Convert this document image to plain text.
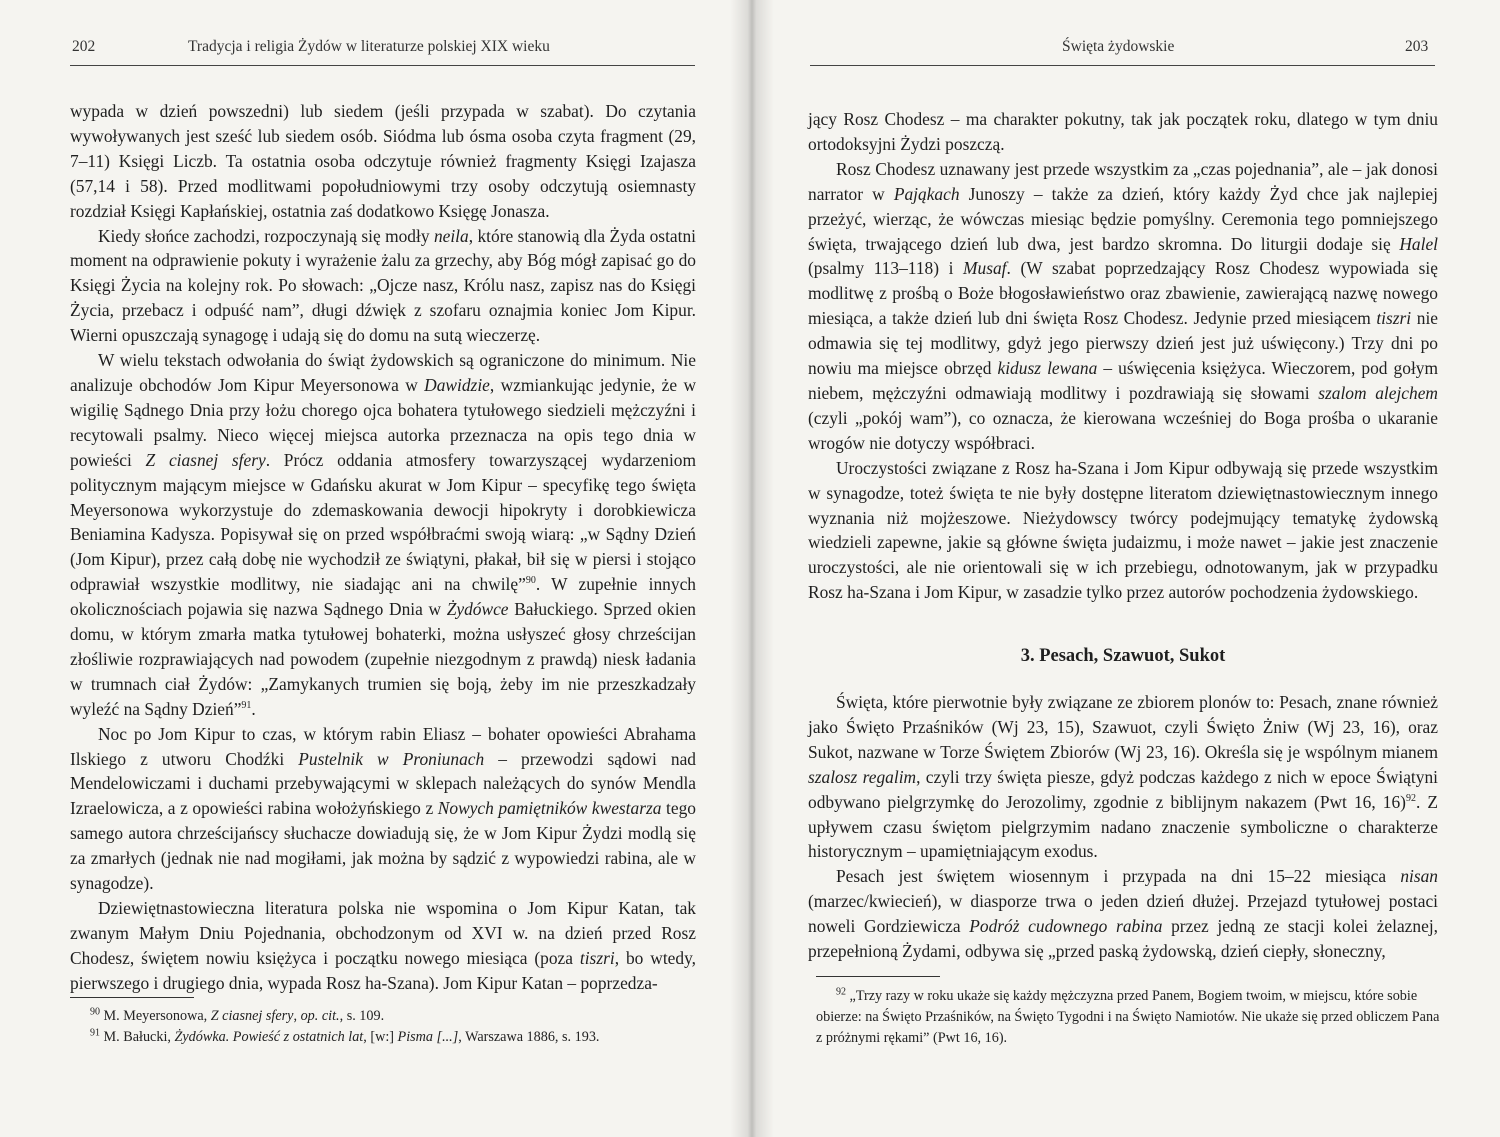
202	Tradycja i religia Żydów w literaturze polskiej XIX wieku

wypada w dzień powszedni) lub siedem (jeśli przypada w szabat). Do czytania wywoływanych jest sześć lub siedem osób. Siódma lub ósma osoba czyta fragment (29, 7–11) Księgi Liczb. Ta ostatnia osoba odczytuje również fragmenty Księgi Izajasza (57,14 i 58). Przed modlitwami popołudniowymi trzy osoby odczytują osiemnasty rozdział Księgi Kapłańskiej, ostatnia zaś dodatkowo Księgę Jonasza.

Kiedy słońce zachodzi, rozpoczynają się modły neila, które stanowią dla Żyda ostatni moment na odprawienie pokuty i wyrażenie żalu za grzechy, aby Bóg mógł zapisać go do Księgi Życia na kolejny rok. Po słowach: „Ojcze nasz, Królu nasz, zapisz nas do Księgi Życia, przebacz i odpuść nam”, długi dźwięk z szofaru oznajmia koniec Jom Kipur. Wierni opuszczają synagogę i udają się do domu na sutą wieczerzę.

W wielu tekstach odwołania do świąt żydowskich są ograniczone do minimum. Nie analizuje obchodów Jom Kipur Meyersonowa w Dawidzie, wzmiankując jedynie, że w wigilię Sądnego Dnia przy łożu chorego ojca bohatera tytułowego siedzieli mężczyźni i recytowali psalmy. Nieco więcej miejsca autorka przeznacza na opis tego dnia w powieści Z ciasnej sfery. Prócz oddania atmosfery towarzyszącej wydarzeniom politycznym mającym miejsce w Gdańsku akurat w Jom Kipur – specyfikę tego święta Meyersonowa wykorzystuje do zdemaskowania dewocji hipokryty i dorobkiewicza Beniamina Kadysza. Popisywał się on przed współbraćmi swoją wiarą: „w Sądny Dzień (Jom Kipur), przez całą dobę nie wychodził ze świątyni, płakał, bił się w piersi i stojąco odprawiał wszystkie modlitwy, nie siadając ani na chwilę”$^{90}$. W zupełnie innych okolicznościach pojawia się nazwa Sądnego Dnia w Żydówce Bałuckiego. Sprzed okien domu, w którym zmarła matka tytułowej bohaterki, można usłyszeć głosy chrześcijan złośliwie rozprawiających nad powodem (zupełnie niezgodnym z prawdą) niesk ładania w trumnach ciał Żydów: „Zamykanych trumien się boją, żeby im nie przeszkadzały wyleźć na Sądny Dzień”$^{91}$.

Noc po Jom Kipur to czas, w którym rabin Eliasz – bohater opowieści Abrahama Ilskiego z utworu Chodźki Pustelnik w Proniunach – przewodzi sądowi nad Mendelowiczami i duchami przebywającymi w sklepach należących do synów Mendla Izraelowicza, a z opowieści rabina wołożyńskiego z Nowych pamiętników kwestarza tego samego autora chrześcijańscy słuchacze dowiadują się, że w Jom Kipur Żydzi modlą się za zmarłych (jednak nie nad mogiłami, jak można by sądzić z wypowiedzi rabina, ale w synagodze).

Dziewiętnastowieczna literatura polska nie wspomina o Jom Kipur Katan, tak zwanym Małym Dniu Pojednania, obchodzonym od XVI w. na dzień przed Rosz Chodesz, świętem nowiu księżyca i początku nowego miesiąca (poza tiszri, bo wtedy, pierwszego i drugiego dnia, wypada Rosz ha-Szana). Jom Kipur Katan – poprzedza-

$^{90}$ M. Meyersonowa, Z ciasnej sfery, op. cit., s. 109.

$^{91}$ M. Bałucki, Żydówka. Powieść z ostatnich lat, [w:] Pisma [...], Warszawa 1886, s. 193.

Święta żydowskie	203

jący Rosz Chodesz – ma charakter pokutny, tak jak początek roku, dlatego w tym dniu ortodoksyjni Żydzi poszczą.

Rosz Chodesz uznawany jest przede wszystkim za „czas pojednania”, ale – jak donosi narrator w Pająkach Junoszy – także za dzień, który każdy Żyd chce jak najlepiej przeżyć, wierząc, że wówczas miesiąc będzie pomyślny. Ceremonia tego pomniejszego święta, trwającego dzień lub dwa, jest bardzo skromna. Do liturgii dodaje się Halel (psalmy 113–118) i Musaf. (W szabat poprzedzający Rosz Chodesz wypowiada się modlitwę z prośbą o Boże błogosławieństwo oraz zbawienie, zawierającą nazwę nowego miesiąca, a także dzień lub dni święta Rosz Chodesz. Jedynie przed miesiącem tiszri nie odmawia się tej modlitwy, gdyż jego pierwszy dzień jest już uświęcony.) Trzy dni po nowiu ma miejsce obrzęd kidusz lewana – uświęcenia księżyca. Wieczorem, pod gołym niebem, mężczyźni odmawiają modlitwy i pozdrawiają się słowami szalom alejchem (czyli „pokój wam”), co oznacza, że kierowana wcześniej do Boga prośba o ukaranie wrogów nie dotyczy współbraci.

Uroczystości związane z Rosz ha-Szana i Jom Kipur odbywają się przede wszystkim w synagodze, toteż święta te nie były dostępne literatom dziewiętnastowiecznym innego wyznania niż mojżeszowe. Nieżydowscy twórcy podejmujący tematykę żydowską wiedzieli zapewne, jakie są główne święta judaizmu, i może nawet – jakie jest znaczenie uroczystości, ale nie orientowali się w ich przebiegu, odnotowanym, jak w przypadku Rosz ha-Szana i Jom Kipur, w zasadzie tylko przez autorów pochodzenia żydowskiego.

3. Pesach, Szawuot, Sukot

Święta, które pierwotnie były związane ze zbiorem plonów to: Pesach, znane również jako Święto Przaśników (Wj 23, 15), Szawuot, czyli Święto Żniw (Wj 23, 16), oraz Sukot, nazwane w Torze Świętem Zbiorów (Wj 23, 16). Określa się je wspólnym mianem szalosz regalim, czyli trzy święta piesze, gdyż podczas każdego z nich w epoce Świątyni odbywano pielgrzymkę do Jerozolimy, zgodnie z biblijnym nakazem (Pwt 16, 16)$^{92}$. Z upływem czasu świętom pielgrzymim nadano znaczenie symboliczne o charakterze historycznym – upamiętniającym exodus.

Pesach jest świętem wiosennym i przypada na dni 15–22 miesiąca nisan (marzec/kwiecień), w diasporze trwa o jeden dzień dłużej. Przejazd tytułowej postaci noweli Gordziewicza Podróż cudownego rabina przez jedną ze stacji kolei żelaznej, przepełnioną Żydami, odbywa się „przed paską żydowską, dzień ciepły, słoneczny,

$^{92}$ „Trzy razy w roku ukaże się każdy mężczyzna przed Panem, Bogiem twoim, w miejscu, które sobie obierze: na Święto Przaśników, na Święto Tygodni i na Święto Namiotów. Nie ukaże się przed obliczem Pana z próżnymi rękami” (Pwt 16, 16).
